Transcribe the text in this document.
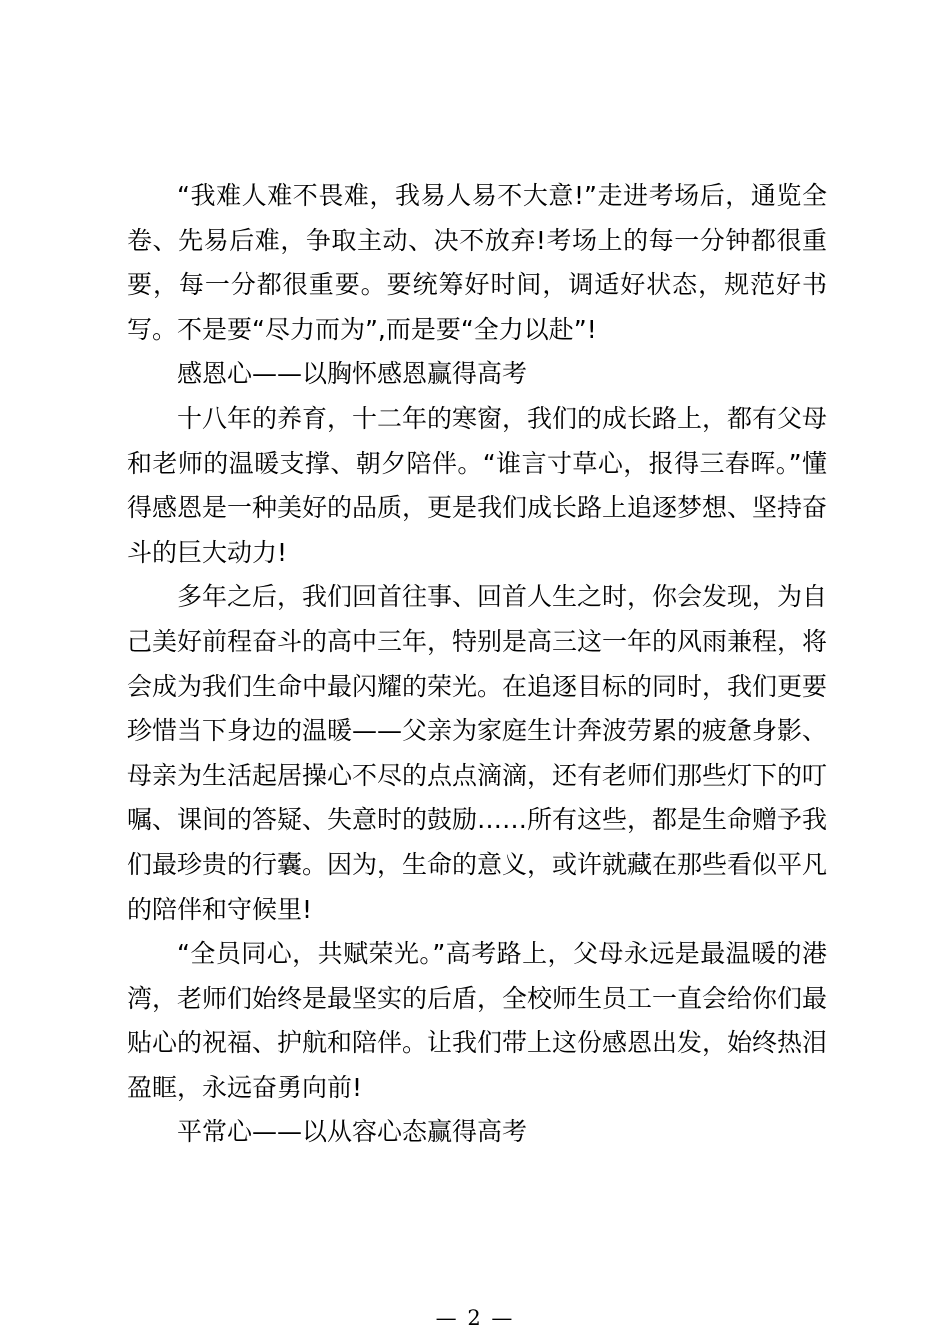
“我难人难不畏难，我易人易不大意!”走进考场后，通览全卷、先易后难，争取主动、决不放弃!考场上的每一分钟都很重要，每一分都很重要。要统筹好时间，调适好状态，规范好书写。不是要“尽力而为”,而是要“全力以赴”!

感恩心——以胸怀感恩赢得高考

十八年的养育，十二年的寒窗，我们的成长路上，都有父母和老师的温暖支撑、朝夕陪伴。“谁言寸草心，报得三春晖。”懂得感恩是一种美好的品质，更是我们成长路上追逐梦想、坚持奋斗的巨大动力!

多年之后，我们回首往事、回首人生之时，你会发现，为自己美好前程奋斗的高中三年，特别是高三这一年的风雨兼程，将会成为我们生命中最闪耀的荣光。在追逐目标的同时，我们更要珍惜当下身边的温暖——父亲为家庭生计奔波劳累的疲惫身影、母亲为生活起居操心不尽的点点滴滴，还有老师们那些灯下的叮嘱、课间的答疑、失意时的鼓励……所有这些，都是生命赠予我们最珍贵的行囊。因为，生命的意义，或许就藏在那些看似平凡的陪伴和守候里!

“全员同心，共赋荣光。”高考路上，父母永远是最温暖的港湾，老师们始终是最坚实的后盾，全校师生员工一直会给你们最贴心的祝福、护航和陪伴。让我们带上这份感恩出发，始终热泪盈眶，永远奋勇向前!

平常心——以从容心态赢得高考

— 2 —
